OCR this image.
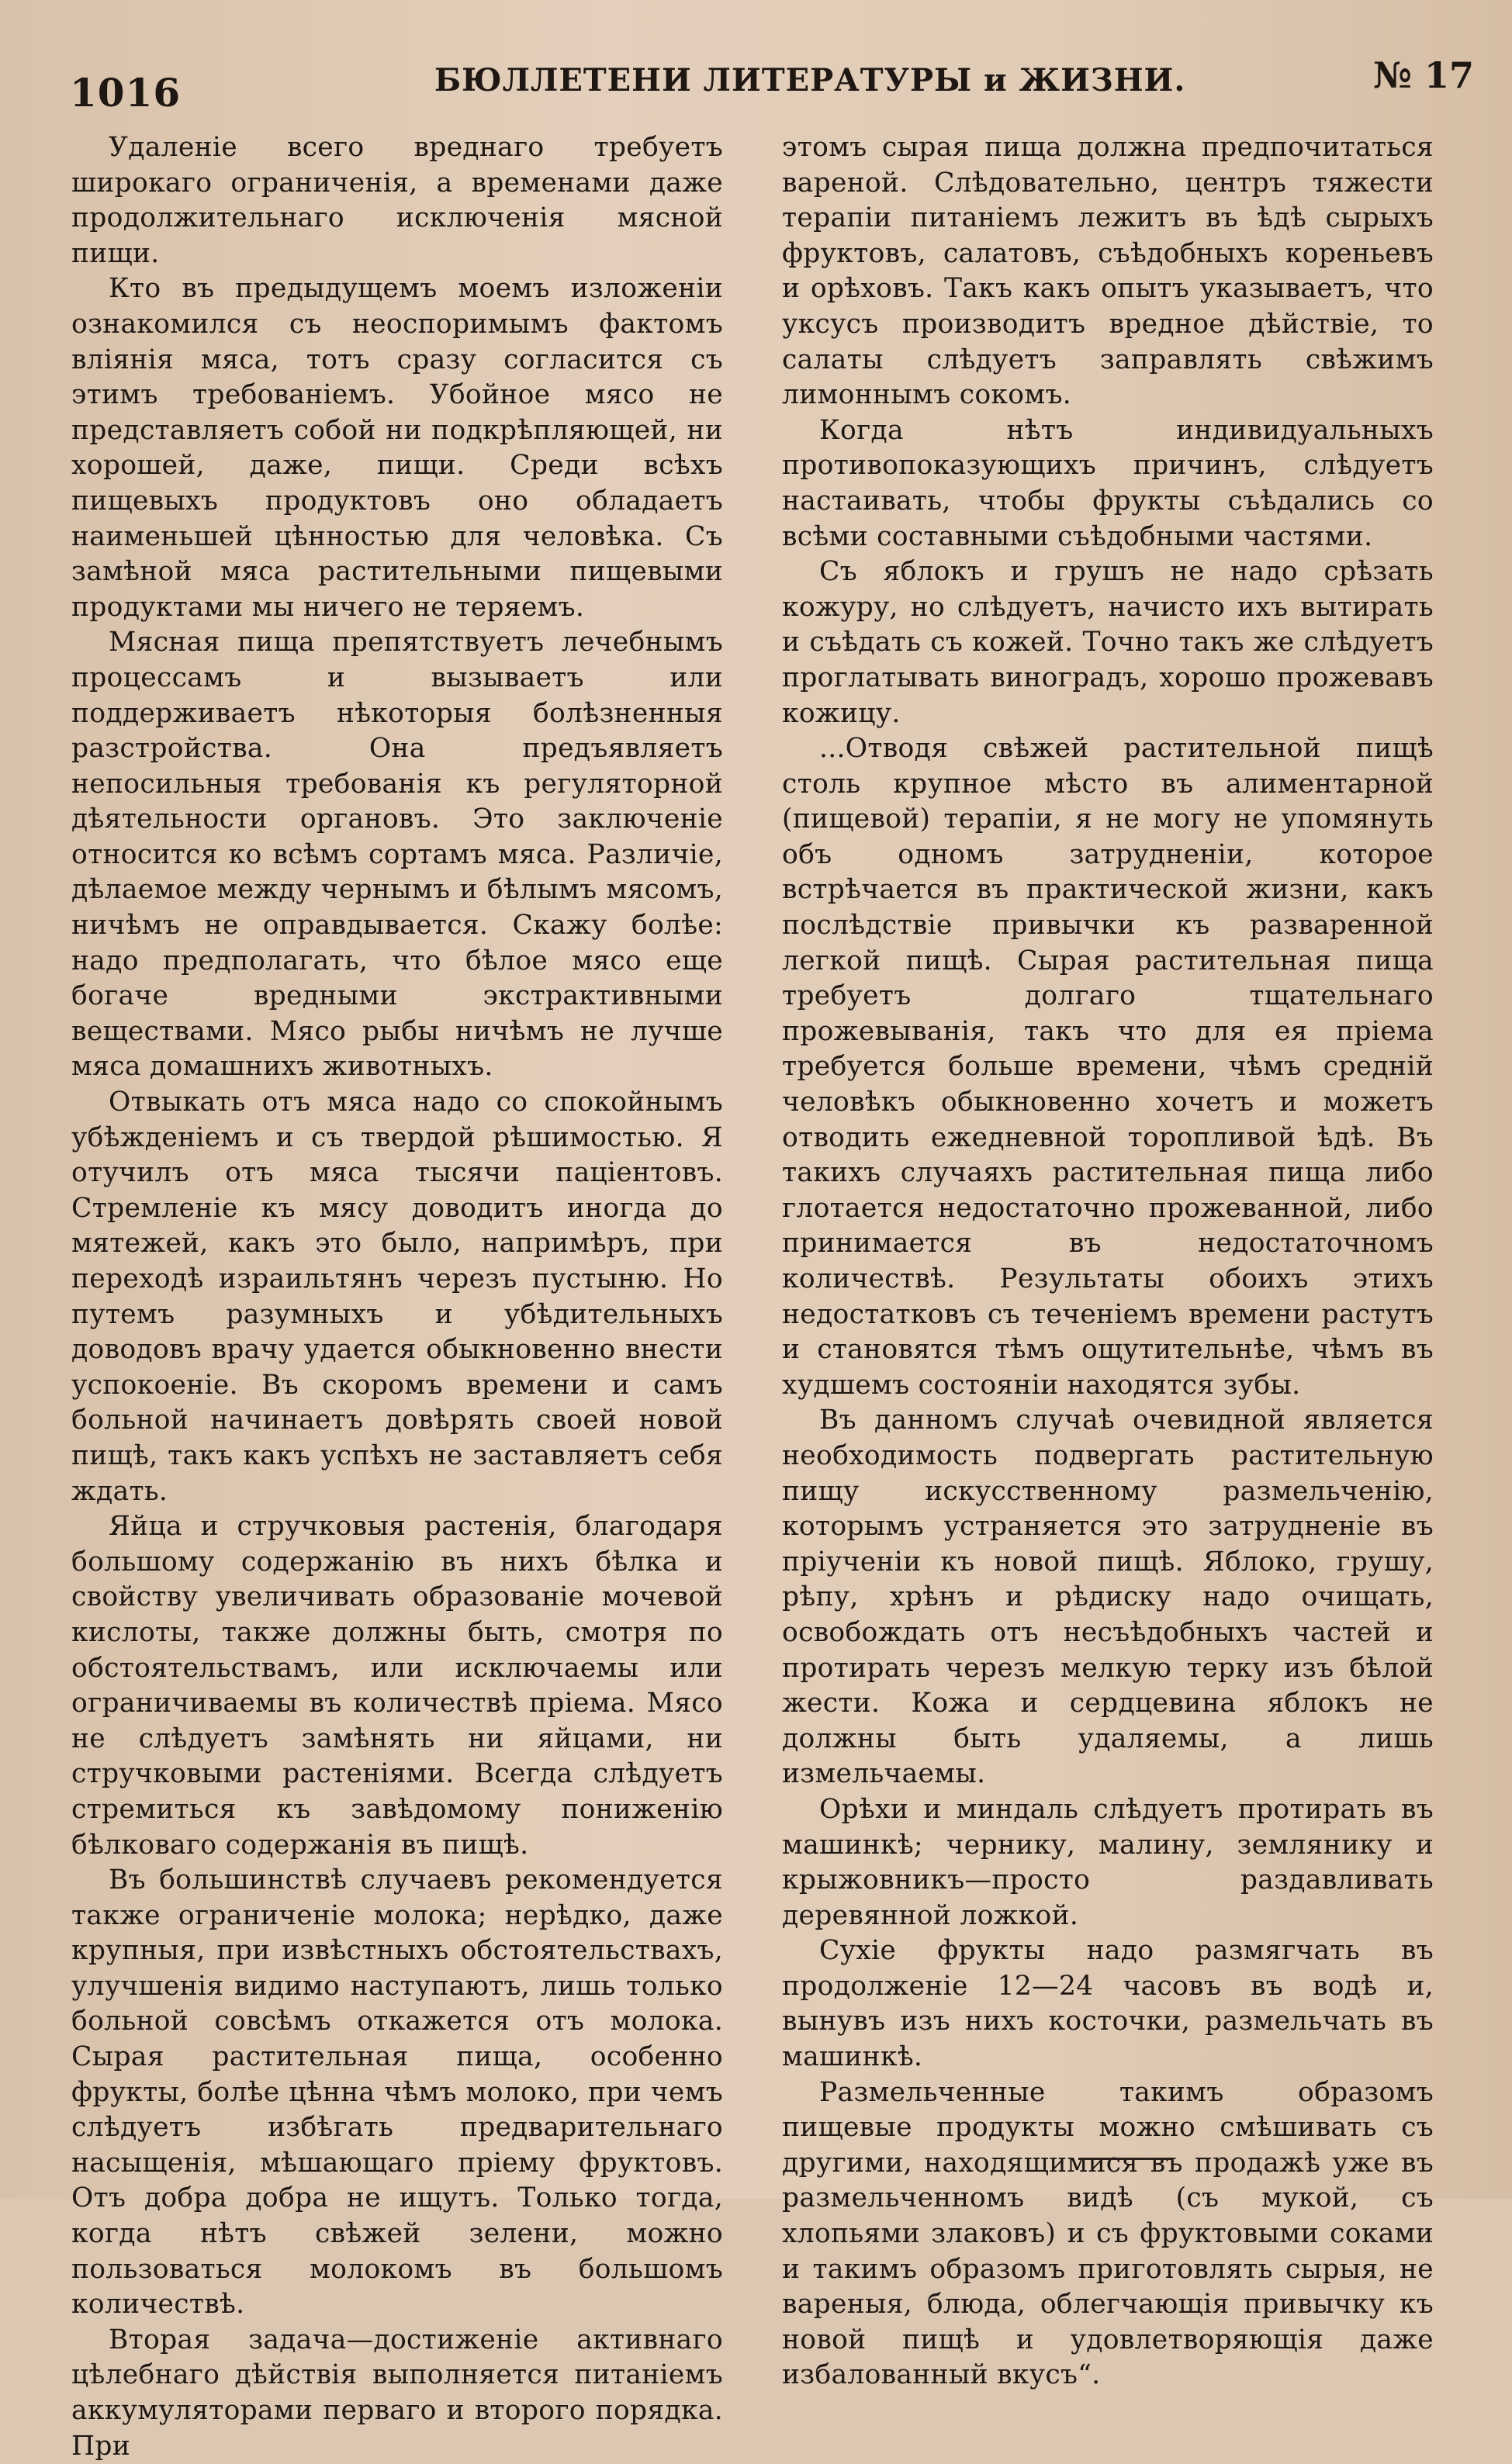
1016	БЮЛЛЕТЕНИ ЛИТЕРАТУРЫ и ЖИЗНИ.	№ 17

Удаленіе всего вреднаго требуетъ широкаго ограниченія, а временами даже продолжительнаго исключенія мясной пищи.

Кто въ предыдущемъ моемъ изложеніи ознакомился съ неоспоримымъ фактомъ вліянія мяса, тотъ сразу согласится съ этимъ требованіемъ. Убойное мясо не представляетъ собой ни подкрѣпляющей, ни хорошей, даже, пищи. Среди всѣхъ пищевыхъ продуктовъ оно обладаетъ наименьшей цѣнностью для человѣка. Съ замѣной мяса растительными пищевыми продуктами мы ничего не теряемъ.

Мясная пища препятствуетъ лечебнымъ процессамъ и вызываетъ или поддерживаетъ нѣкоторыя болѣзненныя разстройства. Она предъявляетъ непосильныя требованія къ регуляторной дѣятельности органовъ. Это заключеніе относится ко всѣмъ сортамъ мяса. Различіе, дѣлаемое между чернымъ и бѣлымъ мясомъ, ничѣмъ не оправдывается. Скажу болѣе: надо предполагать, что бѣлое мясо еще богаче вредными экстрактивными веществами. Мясо рыбы ничѣмъ не лучше мяса домашнихъ животныхъ.

Отвыкать отъ мяса надо со спокойнымъ убѣжденіемъ и съ твердой рѣшимостью. Я отучилъ отъ мяса тысячи паціентовъ. Стремленіе къ мясу доводитъ иногда до мятежей, какъ это было, напримѣръ, при переходѣ израильтянъ черезъ пустыню. Но путемъ разумныхъ и убѣдительныхъ доводовъ врачу удается обыкновенно внести успокоеніе. Въ скоромъ времени и самъ больной начинаетъ довѣрять своей новой пищѣ, такъ какъ успѣхъ не заставляетъ себя ждать.

Яйца и стручковыя растенія, благодаря большому содержанію въ нихъ бѣлка и свойству увеличивать образованіе мочевой кислоты, также должны быть, смотря по обстоятельствамъ, или исключаемы или ограничиваемы въ количествѣ пріема. Мясо не слѣдуетъ замѣнять ни яйцами, ни стручковыми растеніями. Всегда слѣдуетъ стремиться къ завѣдомому пониженію бѣлковаго содержанія въ пищѣ.

Въ большинствѣ случаевъ рекомендуется также ограниченіе молока; нерѣдко, даже крупныя, при извѣстныхъ обстоятельствахъ, улучшенія видимо наступаютъ, лишь только больной совсѣмъ откажется отъ молока. Сырая растительная пища, особенно фрукты, болѣе цѣнна чѣмъ молоко, при чемъ слѣдуетъ избѣгать предварительнаго насыщенія, мѣшающаго пріему фруктовъ. Отъ добра добра не ищутъ. Только тогда, когда нѣтъ свѣжей зелени, можно пользоваться молокомъ въ большомъ количествѣ.

Вторая задача—достиженіе активнаго цѣлебнаго дѣйствія выполняется питаніемъ аккумуляторами перваго и второго порядка. При

этомъ сырая пища должна предпочитаться вареной. Слѣдовательно, центръ тяжести терапіи питаніемъ лежитъ въ ѣдѣ сырыхъ фруктовъ, салатовъ, съѣдобныхъ кореньевъ и орѣховъ. Такъ какъ опытъ указываетъ, что уксусъ производитъ вредное дѣйствіе, то салаты слѣдуетъ заправлять свѣжимъ лимоннымъ сокомъ.

Когда нѣтъ индивидуальныхъ противопоказующихъ причинъ, слѣдуетъ настаивать, чтобы фрукты съѣдались со всѣми составными съѣдобными частями.

Съ яблокъ и грушъ не надо срѣзать кожуру, но слѣдуетъ, начисто ихъ вытирать и съѣдать съ кожей. Точно такъ же слѣдуетъ проглатывать виноградъ, хорошо прожевавъ кожицу.

...Отводя свѣжей растительной пищѣ столь крупное мѣсто въ алиментарной (пищевой) терапіи, я не могу не упомянуть объ одномъ затрудненіи, которое встрѣчается въ практической жизни, какъ послѣдствіе привычки къ разваренной легкой пищѣ. Сырая растительная пища требуетъ долгаго тщательнаго прожевыванія, такъ что для ея пріема требуется больше времени, чѣмъ средній человѣкъ обыкновенно хочетъ и можетъ отводить ежедневной торопливой ѣдѣ. Въ такихъ случаяхъ растительная пища либо глотается недостаточно прожеванной, либо принимается въ недостаточномъ количествѣ. Результаты обоихъ этихъ недостатковъ съ теченіемъ времени растутъ и становятся тѣмъ ощутительнѣе, чѣмъ въ худшемъ состояніи находятся зубы.

Въ данномъ случаѣ очевидной является необходимость подвергать растительную пищу искусственному размельченію, которымъ устраняется это затрудненіе въ пріученіи къ новой пищѣ. Яблоко, грушу, рѣпу, хрѣнъ и рѣдиску надо очищать, освобождать отъ несъѣдобныхъ частей и протирать черезъ мелкую терку изъ бѣлой жести. Кожа и сердцевина яблокъ не должны быть удаляемы, а лишь измельчаемы.

Орѣхи и миндаль слѣдуетъ протирать въ машинкѣ; чернику, малину, землянику и крыжовникъ—просто раздавливать деревянной ложкой.

Сухіе фрукты надо размягчать въ продолженіе 12—24 часовъ въ водѣ и, вынувъ изъ нихъ косточки, размельчать въ машинкѣ.

Размельченные такимъ образомъ пищевые продукты можно смѣшивать съ другими, находящимися въ продажѣ уже въ размельченномъ видѣ (съ мукой, съ хлопьями злаковъ) и съ фруктовыми соками и такимъ образомъ приготовлять сырыя, не вареныя, блюда, облегчающія привычку къ новой пищѣ и удовлетворяющія даже избалованный вкусъ“.
